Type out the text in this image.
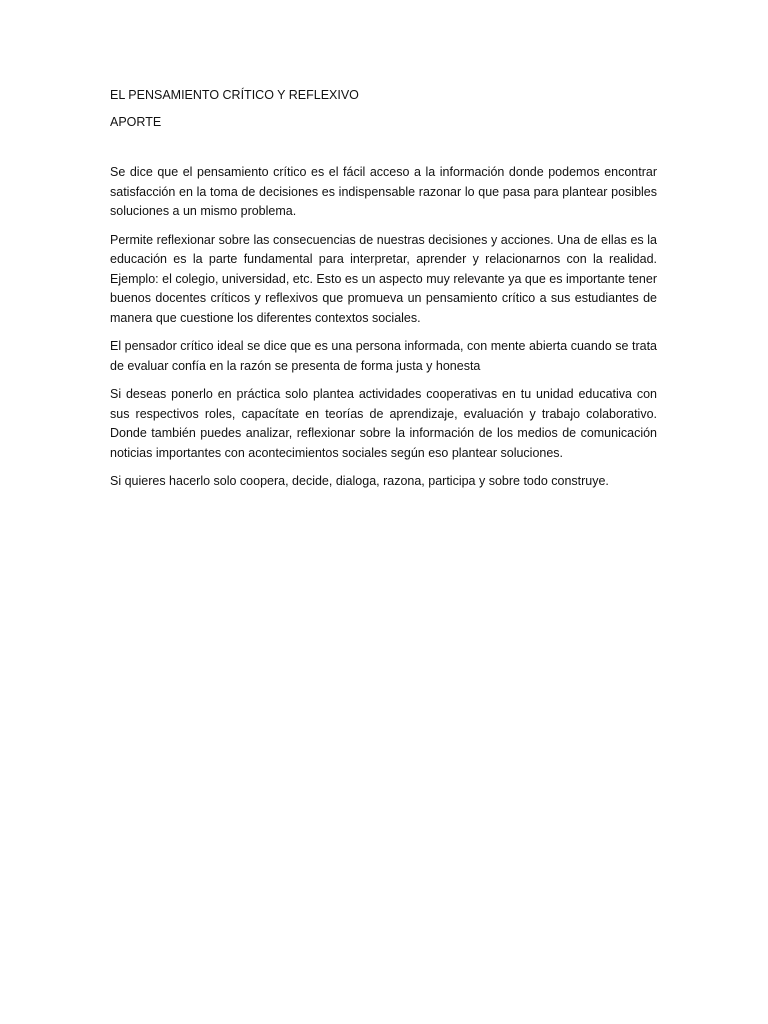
EL PENSAMIENTO CRÍTICO Y REFLEXIVO

APORTE

Se dice que el pensamiento crítico es el fácil acceso a la información donde podemos encontrar satisfacción en la toma de decisiones es indispensable razonar lo que pasa para plantear posibles soluciones a un mismo problema.

Permite reflexionar sobre las consecuencias de nuestras decisiones y acciones. Una de ellas es la educación es la parte fundamental para interpretar, aprender y relacionarnos con la realidad. Ejemplo: el colegio, universidad, etc. Esto es un aspecto muy relevante ya que es importante tener buenos docentes críticos y reflexivos que promueva un pensamiento crítico a sus estudiantes de manera que cuestione los diferentes contextos sociales.

El pensador crítico ideal se dice que es una persona informada, con mente abierta cuando se trata de evaluar confía en la razón se presenta de forma justa y honesta

Si deseas ponerlo en práctica solo plantea actividades cooperativas en tu unidad educativa con sus respectivos roles, capacítate en teorías de aprendizaje, evaluación y trabajo colaborativo. Donde también puedes analizar, reflexionar sobre la información de los medios de comunicación noticias importantes con acontecimientos sociales según eso plantear soluciones.

Si quieres hacerlo solo coopera, decide, dialoga, razona, participa y sobre todo construye.
